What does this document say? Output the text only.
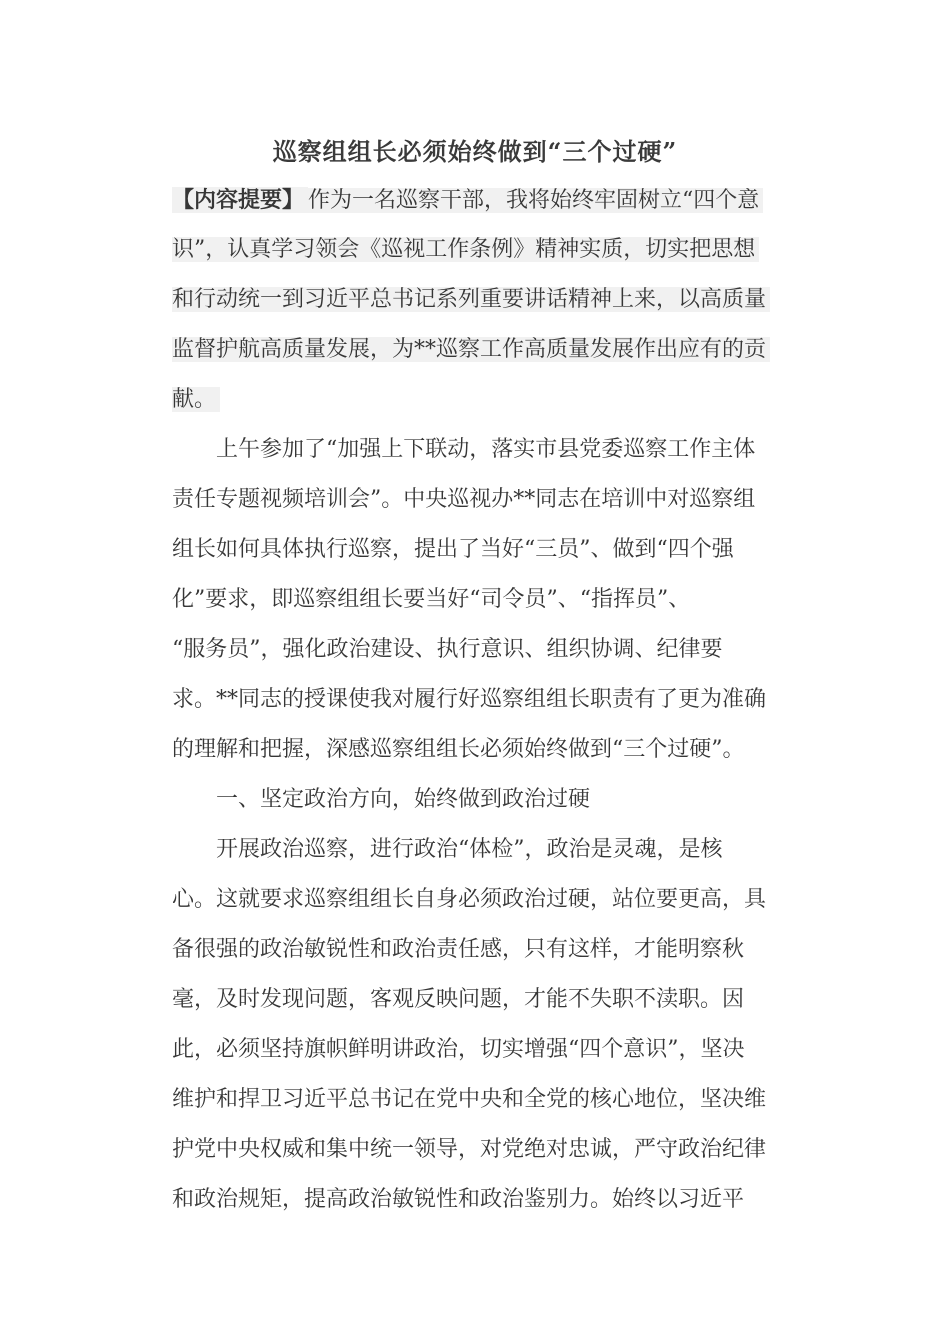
巡察组组长必须始终做到“三个过硬”
【内容提要】 作为一名巡察干部，我将始终牢固树立“四个意
识”，认真学习领会《巡视工作条例》精神实质，切实把思想
和行动统一到习近平总书记系列重要讲话精神上来，以高质量
监督护航高质量发展，为**巡察工作高质量发展作出应有的贡
献。
　　上午参加了“加强上下联动，落实市县党委巡察工作主体
责任专题视频培训会”。中央巡视办**同志在培训中对巡察组
组长如何具体执行巡察，提出了当好“三员”、做到“四个强
化”要求，即巡察组组长要当好“司令员”、“指挥员”、
“服务员”，强化政治建设、执行意识、组织协调、纪律要
求。**同志的授课使我对履行好巡察组组长职责有了更为准确
的理解和把握，深感巡察组组长必须始终做到“三个过硬”。
　　一、坚定政治方向，始终做到政治过硬
　　开展政治巡察，进行政治“体检”，政治是灵魂，是核
心。这就要求巡察组组长自身必须政治过硬，站位要更高，具
备很强的政治敏锐性和政治责任感，只有这样，才能明察秋
毫，及时发现问题，客观反映问题，才能不失职不渎职。因
此，必须坚持旗帜鲜明讲政治，切实增强“四个意识”，坚决
维护和捍卫习近平总书记在党中央和全党的核心地位，坚决维
护党中央权威和集中统一领导，对党绝对忠诚，严守政治纪律
和政治规矩，提高政治敏锐性和政治鉴别力。始终以习近平
